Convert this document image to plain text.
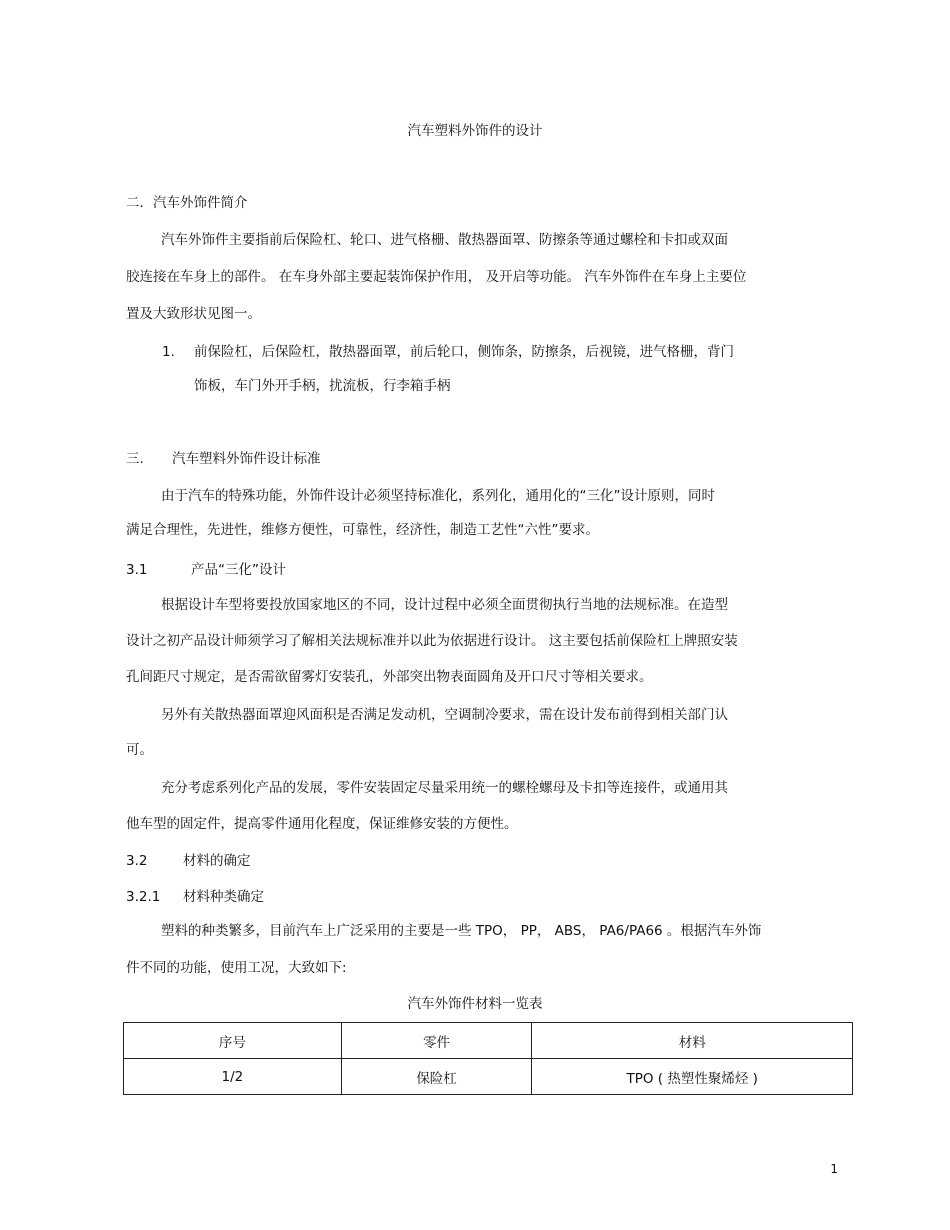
汽车塑料外饰件的设计
二．汽车外饰件简介
汽车外饰件主要指前后保险杠、轮口、进气格栅、散热器面罩、防擦条等通过螺栓和卡扣或双面
胶连接在车身上的部件。 在车身外部主要起装饰保护作用， 及开启等功能。 汽车外饰件在车身上主要位
置及大致形状见图一。
1. 前保险杠，后保险杠，散热器面罩，前后轮口，侧饰条，防擦条，后视镜，进气格栅，背门
饰板，车门外开手柄，扰流板，行李箱手柄
三. 汽车塑料外饰件设计标准
由于汽车的特殊功能，外饰件设计必须坚持标准化，系列化，通用化的“三化”设计原则，同时
满足合理性，先进性，维修方便性，可靠性，经济性，制造工艺性“六性”要求。
3.1	产品“三化”设计
根据设计车型将要投放国家地区的不同，设计过程中必须全面贯彻执行当地的法规标准。在造型
设计之初产品设计师须学习了解相关法规标准并以此为依据进行设计。 这主要包括前保险杠上牌照安装
孔间距尺寸规定，是否需欲留雾灯安装孔，外部突出物表面圆角及开口尺寸等相关要求。
另外有关散热器面罩迎风面积是否满足发动机，空调制冷要求，需在设计发布前得到相关部门认
可。
充分考虑系列化产品的发展，零件安装固定尽量采用统一的螺栓螺母及卡扣等连接件，或通用其
他车型的固定件，提高零件通用化程度，保证维修安装的方便性。
3.2	材料的确定
3.2.1 材料种类确定
塑料的种类繁多，目前汽车上广泛采用的主要是一些 TPO， PP， ABS， PA6/PA66 。根据汽车外饰
件不同的功能，使用工况，大致如下:
汽车外饰件材料一览表
序号	零件	材料
1/2	保险杠	TPO ( 热塑性聚烯烃 )
1
